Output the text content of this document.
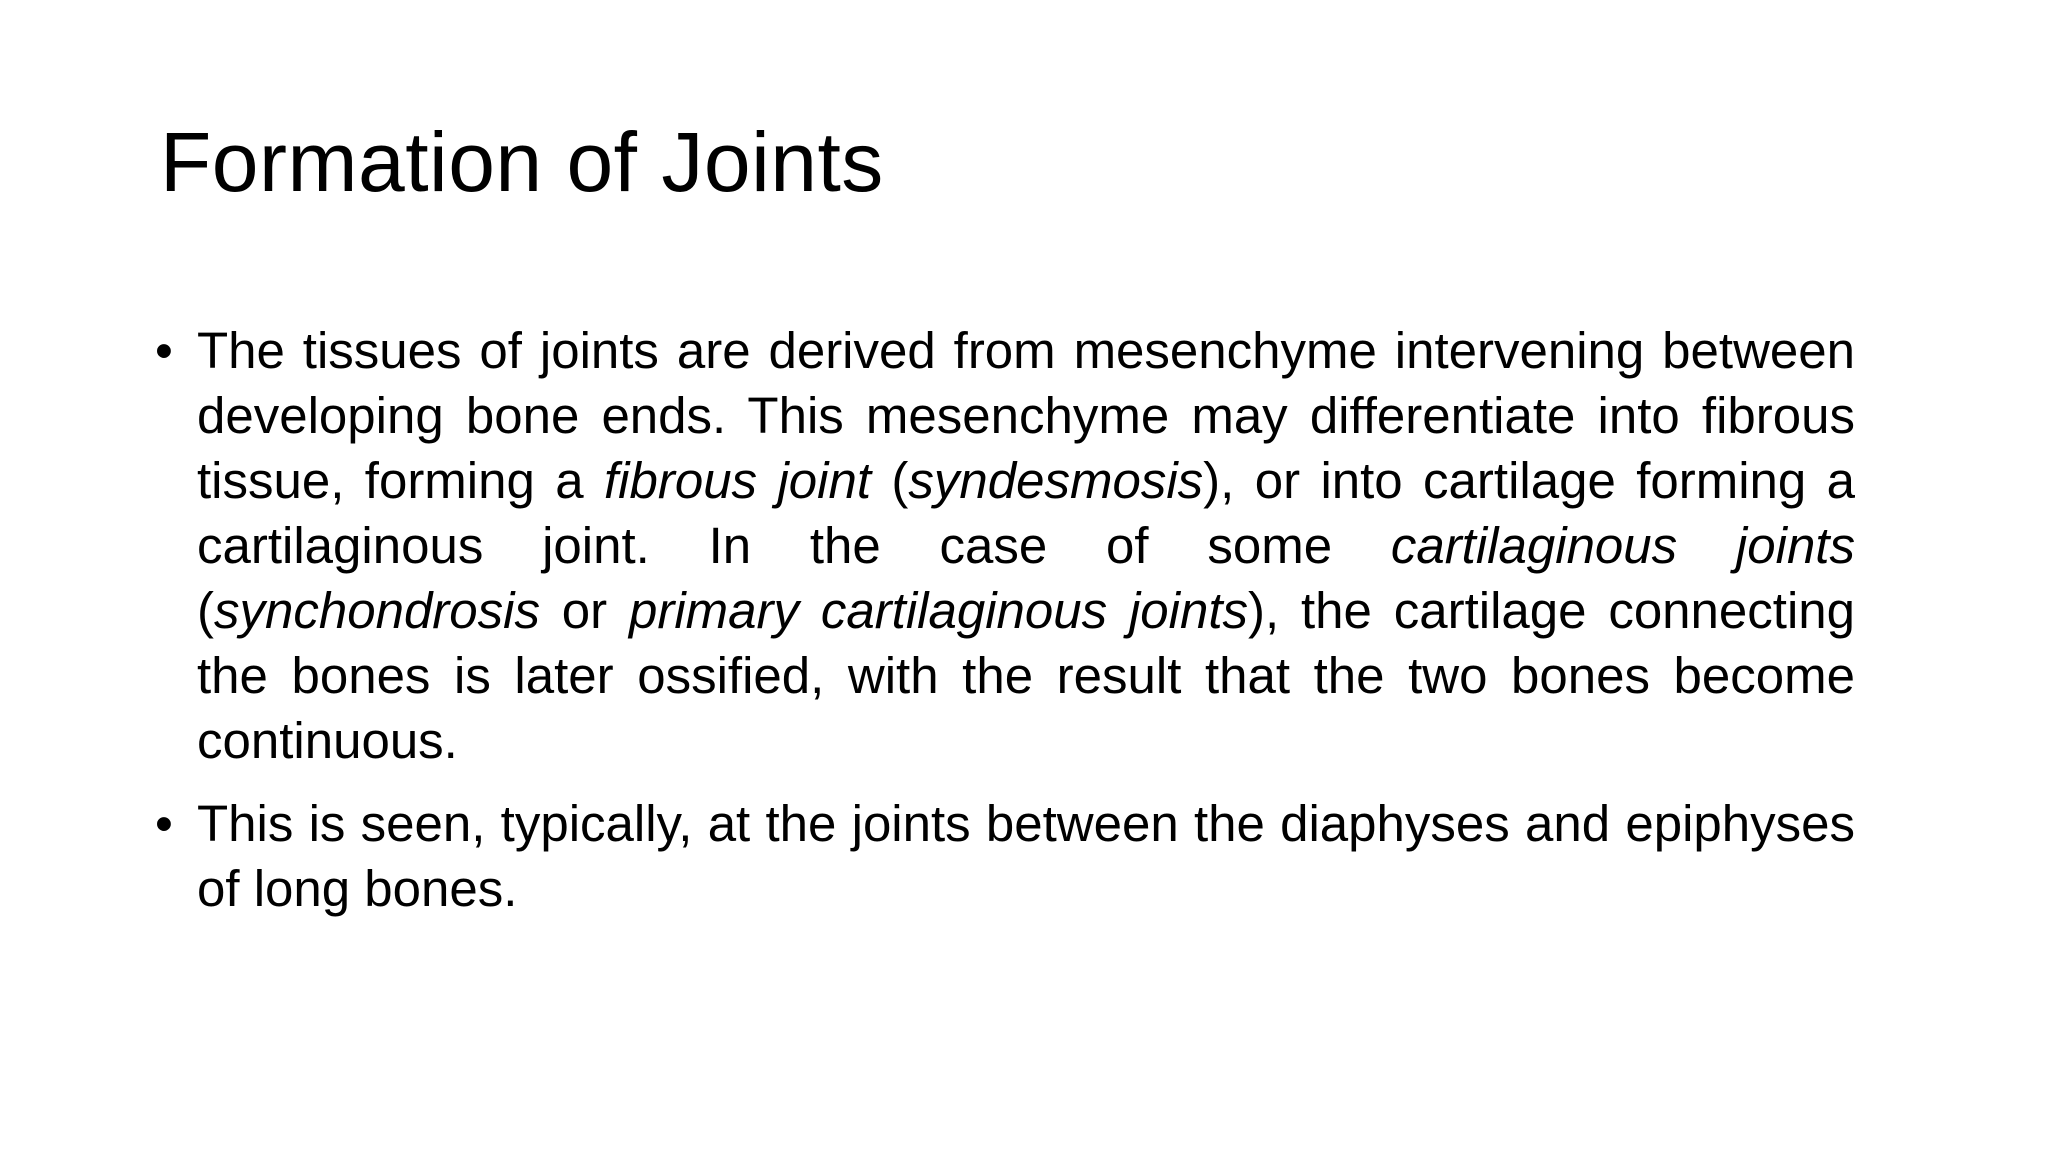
Formation of Joints
• The tissues of joints are derived from mesenchyme intervening between developing bone ends. This mesenchyme may differentiate into fibrous tissue, forming a fibrous joint (syndesmosis), or into cartilage forming a cartilaginous joint. In the case of some cartilaginous joints (synchondrosis or primary cartilaginous joints), the cartilage connecting the bones is later ossified, with the result that the two bones become continuous.
• This is seen, typically, at the joints between the diaphyses and epiphyses of long bones.
